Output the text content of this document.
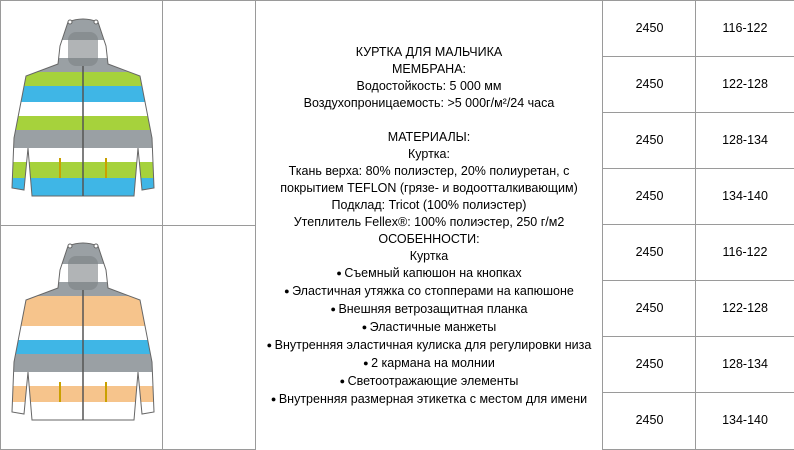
КУРТКА ДЛЯ МАЛЬЧИКА
МЕМБРАНА:
Водостойкость: 5 000 мм
Воздухопроницаемость: >5 000г/м²/24 часа
МАТЕРИАЛЫ:
Куртка:
Ткань верха: 80% полиэстер, 20% полиуретан, с
покрытием TEFLON (грязе- и водоотталкивающим)
Подклад: Tricot (100% полиэстер)
Утеплитель Fellex®: 100% полиэстер, 250 г/м2
ОСОБЕННОСТИ:
Куртка
● Съемный капюшон на кнопках
● Эластичная утяжка со стопперами на капюшоне
● Внешняя ветрозащитная планка
● Эластичные манжеты
● Внутренняя эластичная кулиска для регулировки низа
● 2 кармана на молнии
● Светоотражающие элементы
● Внутренняя размерная этикетка с местом для имени
2450	116-122
2450	122-128
2450	128-134
2450	134-140
2450	116-122
2450	122-128
2450	128-134
2450	134-140
